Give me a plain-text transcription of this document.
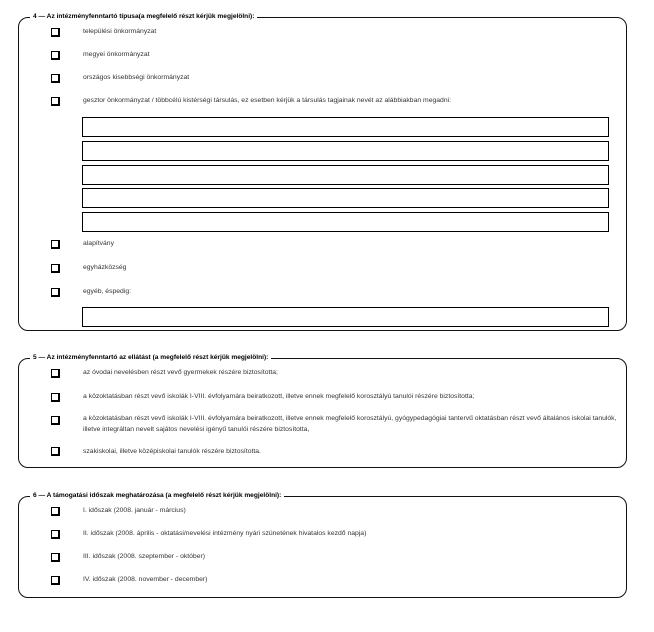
4 — Az intézményfenntartó típusa(a megfelelő részt kérjük megjelölni):
települési önkormányzat
megyei önkormányzat
országos kisebbségi önkormányzat
gesztor önkormányzat / többcélú kistérségi társulás, ez esetben kérjük a társulás tagjainak nevét az alábbiakban megadni:
alapítvány
egyházközség
egyéb, éspedig:
5 — Az intézményfenntartó az ellátást (a megfelelő részt kérjük megjelölni):
az óvodai nevelésben részt vevő gyermekek részére biztosította;
a közoktatásban részt vevő iskolák I-VIII. évfolyamára beiratkozott, illetve ennek megfelelő korosztályú tanulói részére biztosította;
a közoktatásban részt vevő iskolák I-VIII. évfolyamára beiratkozott, illetve ennek megfelelő korosztályú, gyógypedagógiai tantervű oktatásban részt vevő általános iskolai tanulók, illetve integráltan nevelt sajátos nevelési igényű tanulói részére biztosította,
szakiskolai, illetve középiskolai tanulók részére biztosította.
6 — A támogatási időszak meghatározása (a megfelelő részt kérjük megjelölni):
I. időszak (2008. január - március)
II. időszak (2008. április - oktatási/nevelési intézmény nyári szünetének hivatalos kezdő napja)
III. időszak (2008. szeptember - október)
IV. időszak (2008. november - december)
